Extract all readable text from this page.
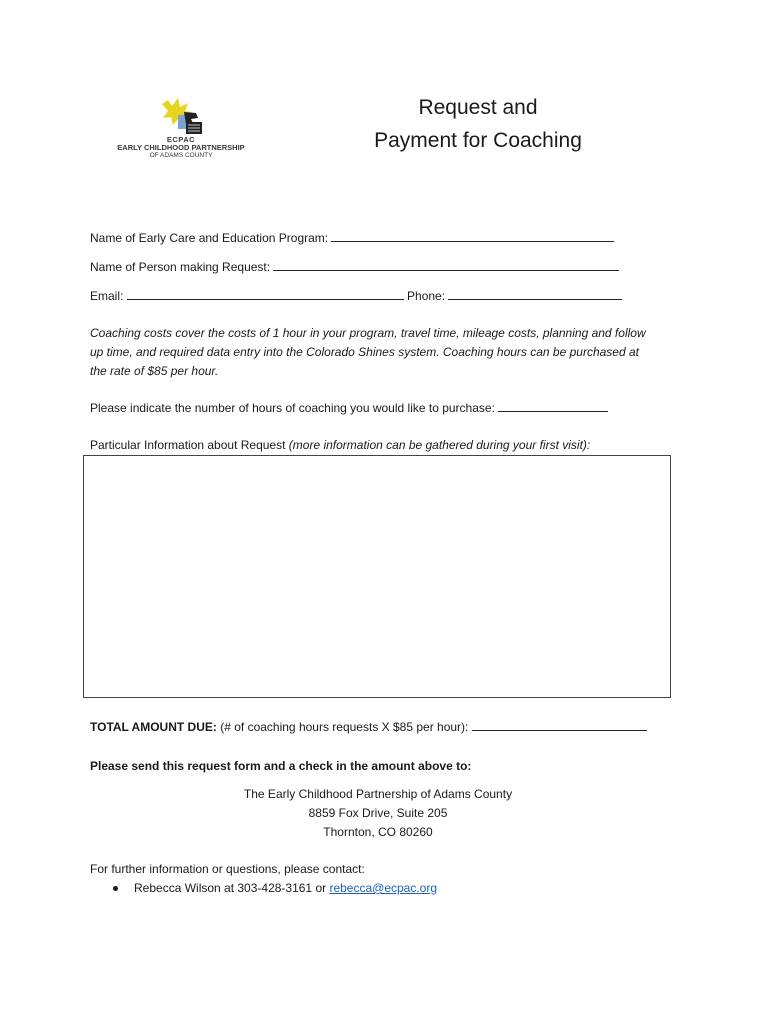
ECPAC
EARLY CHILDHOOD PARTNERSHIP
OF ADAMS COUNTY
Request and
Payment for Coaching
Name of Early Care and Education Program:
Name of Person making Request:
Email:	Phone:
Coaching costs cover the costs of 1 hour in your program, travel time, mileage costs, planning and follow
up time, and required data entry into the Colorado Shines system. Coaching hours can be purchased at
the rate of $85 per hour.
Please indicate the number of hours of coaching you would like to purchase:
Particular Information about Request (more information can be gathered during your first visit):
TOTAL AMOUNT DUE: (# of coaching hours requests X $85 per hour):
Please send this request form and a check in the amount above to:
The Early Childhood Partnership of Adams County
8859 Fox Drive, Suite 205
Thornton, CO 80260
For further information or questions, please contact:
Rebecca Wilson at 303-428-3161 or rebecca@ecpac.org
